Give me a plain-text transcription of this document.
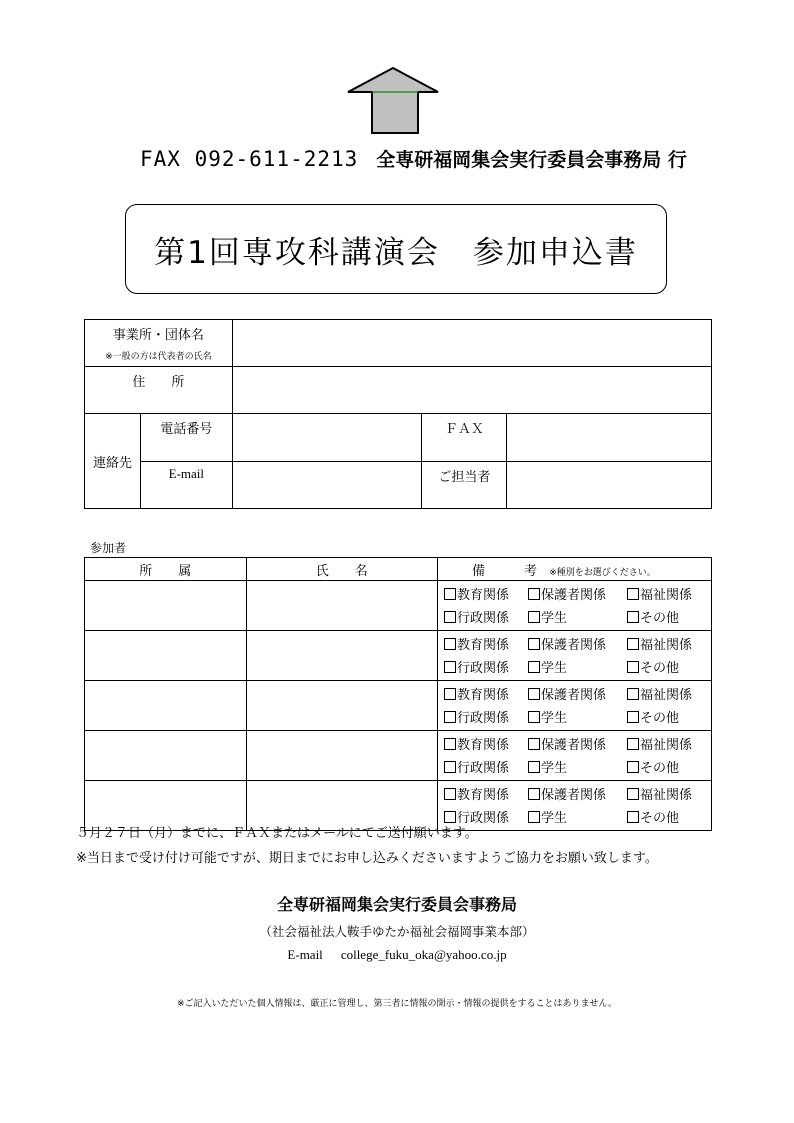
FAX 092-611-2213 全専研福岡集会実行委員会事務局 行
第1回専攻科講演会　参加申込書
事業所・団体名
※一般の方は代表者の氏名				

住　　所				
連絡先	電話番号		ＦＡＸ	
	E-mail		ご担当者	
参加者
所　　属	氏　　名	備　　　考 ※種別をお選びください。

		教育関係 保護者関係 福祉関係
行政関係 学生 その他

		教育関係 保護者関係 福祉関係
行政関係 学生 その他

		教育関係 保護者関係 福祉関係
行政関係 学生 その他

		教育関係 保護者関係 福祉関係
行政関係 学生 その他

		教育関係 保護者関係 福祉関係
行政関係 学生 その他
５月２７日（月）までに、ＦＡＸまたはメールにてご送付願います。
※当日まで受け付け可能ですが、期日までにお申し込みくださいますようご協力をお願い致します。
全専研福岡集会実行委員会事務局
（社会福祉法人鞍手ゆたか福祉会福岡事業本部）
E-mail college_fuku_oka@yahoo.co.jp
※ご記入いただいた個人情報は、厳正に管理し、第三者に情報の開示・情報の提供をすることはありません。
